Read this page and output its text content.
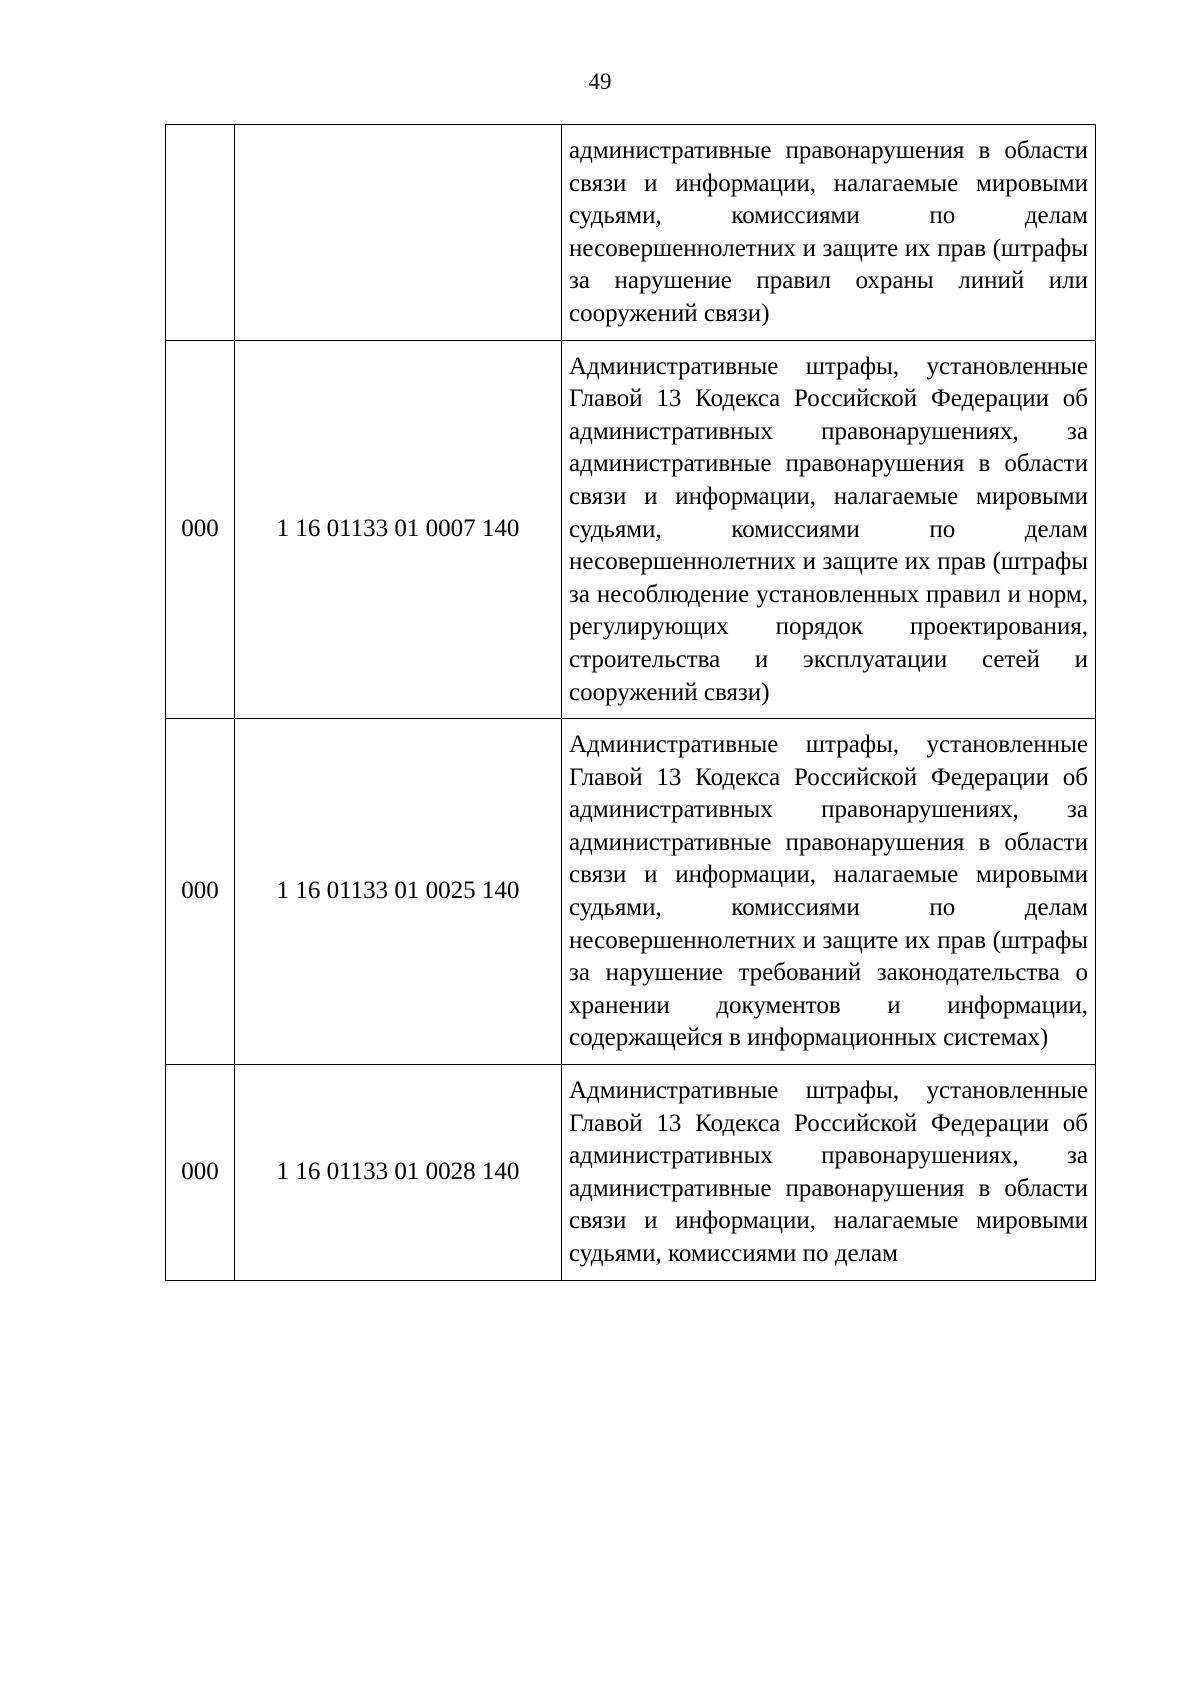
49
		административные правонарушения в области связи и информации, налагаемые мировыми судьями, комиссиями по делам несовершеннолетних и защите их прав (штрафы за нарушение правил охраны линий или сооружений связи)
000	1 16 01133 01 0007 140	Административные штрафы, установленные Главой 13 Кодекса Российской Федерации об административных правонарушениях, за административные правонарушения в области связи и информации, налагаемые мировыми судьями, комиссиями по делам несовершеннолетних и защите их прав (штрафы за несоблюдение установленных правил и норм, регулирующих порядок проектирования, строительства и эксплуатации сетей и сооружений связи)
000	1 16 01133 01 0025 140	Административные штрафы, установленные Главой 13 Кодекса Российской Федерации об административных правонарушениях, за административные правонарушения в области связи и информации, налагаемые мировыми судьями, комиссиями по делам несовершеннолетних и защите их прав (штрафы за нарушение требований законодательства о хранении документов и информации, содержащейся в информационных системах)
000	1 16 01133 01 0028 140	Административные штрафы, установленные Главой 13 Кодекса Российской Федерации об административных правонарушениях, за административные правонарушения в области связи и информации, налагаемые мировыми судьями, комиссиями по делам
